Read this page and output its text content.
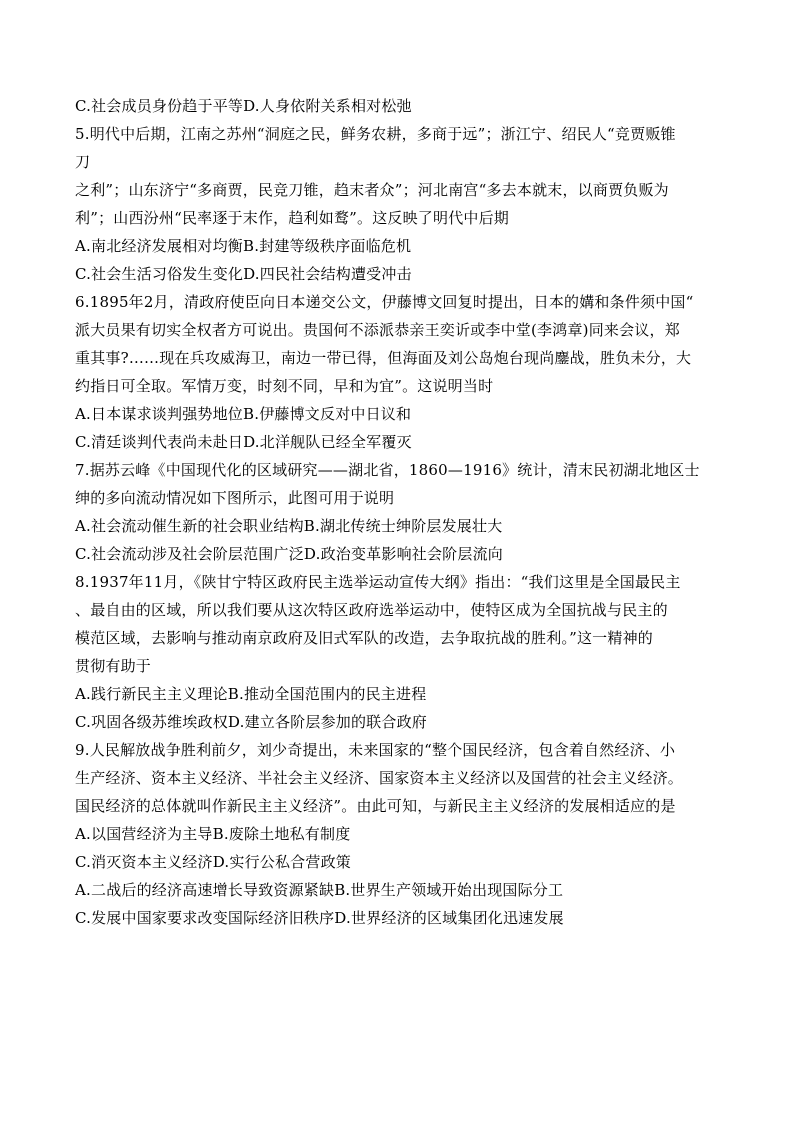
C.社会成员身份趋于平等D.人身依附关系相对松弛
5.明代中后期，江南之苏州“洞庭之民，鲜务农耕，多商于远”；浙江宁、绍民人“竞贾贩锥
刀
之利”；山东济宁“多商贾，民竞刀锥，趋末者众”；河北南宫“多去本就末，以商贾负贩为
利”；山西汾州“民率逐于末作，趋利如鹜”。这反映了明代中后期
A.南北经济发展相对均衡B.封建等级秩序面临危机
C.社会生活习俗发生变化D.四民社会结构遭受冲击
6.1895年2月，清政府使臣向日本递交公文，伊藤博文回复时提出，日本的媾和条件须中国“
派大员果有切实全权者方可说出。贵国何不添派恭亲王奕䜣或李中堂(李鸿章)同来会议，郑
重其事?……现在兵攻威海卫，南边一带已得，但海面及刘公岛炮台现尚鏖战，胜负未分，大
约指日可全取。军情万变，时刻不同，早和为宜”。这说明当时
A.日本谋求谈判强势地位B.伊藤博文反对中日议和
C.清廷谈判代表尚未赴日D.北洋舰队已经全军覆灭
7.据苏云峰《中国现代化的区域研究——湖北省，1860—1916》统计，清末民初湖北地区士
绅的多向流动情况如下图所示，此图可用于说明
A.社会流动催生新的社会职业结构B.湖北传统士绅阶层发展壮大
C.社会流动涉及社会阶层范围广泛D.政治变革影响社会阶层流向
8.1937年11月，《陕甘宁特区政府民主选举运动宣传大纲》指出：“我们这里是全国最民主
、最自由的区域，所以我们要从这次特区政府选举运动中，使特区成为全国抗战与民主的
模范区域，去影响与推动南京政府及旧式军队的改造，去争取抗战的胜利。”这一精神的
贯彻有助于
A.践行新民主主义理论B.推动全国范围内的民主进程
C.巩固各级苏维埃政权D.建立各阶层参加的联合政府
9.人民解放战争胜利前夕，刘少奇提出，未来国家的“整个国民经济，包含着自然经济、小
生产经济、资本主义经济、半社会主义经济、国家资本主义经济以及国营的社会主义经济。
国民经济的总体就叫作新民主主义经济”。由此可知，与新民主主义经济的发展相适应的是
A.以国营经济为主导B.废除土地私有制度
C.消灭资本主义经济D.实行公私合营政策
A.二战后的经济高速增长导致资源紧缺B.世界生产领域开始出现国际分工
C.发展中国家要求改变国际经济旧秩序D.世界经济的区域集团化迅速发展
